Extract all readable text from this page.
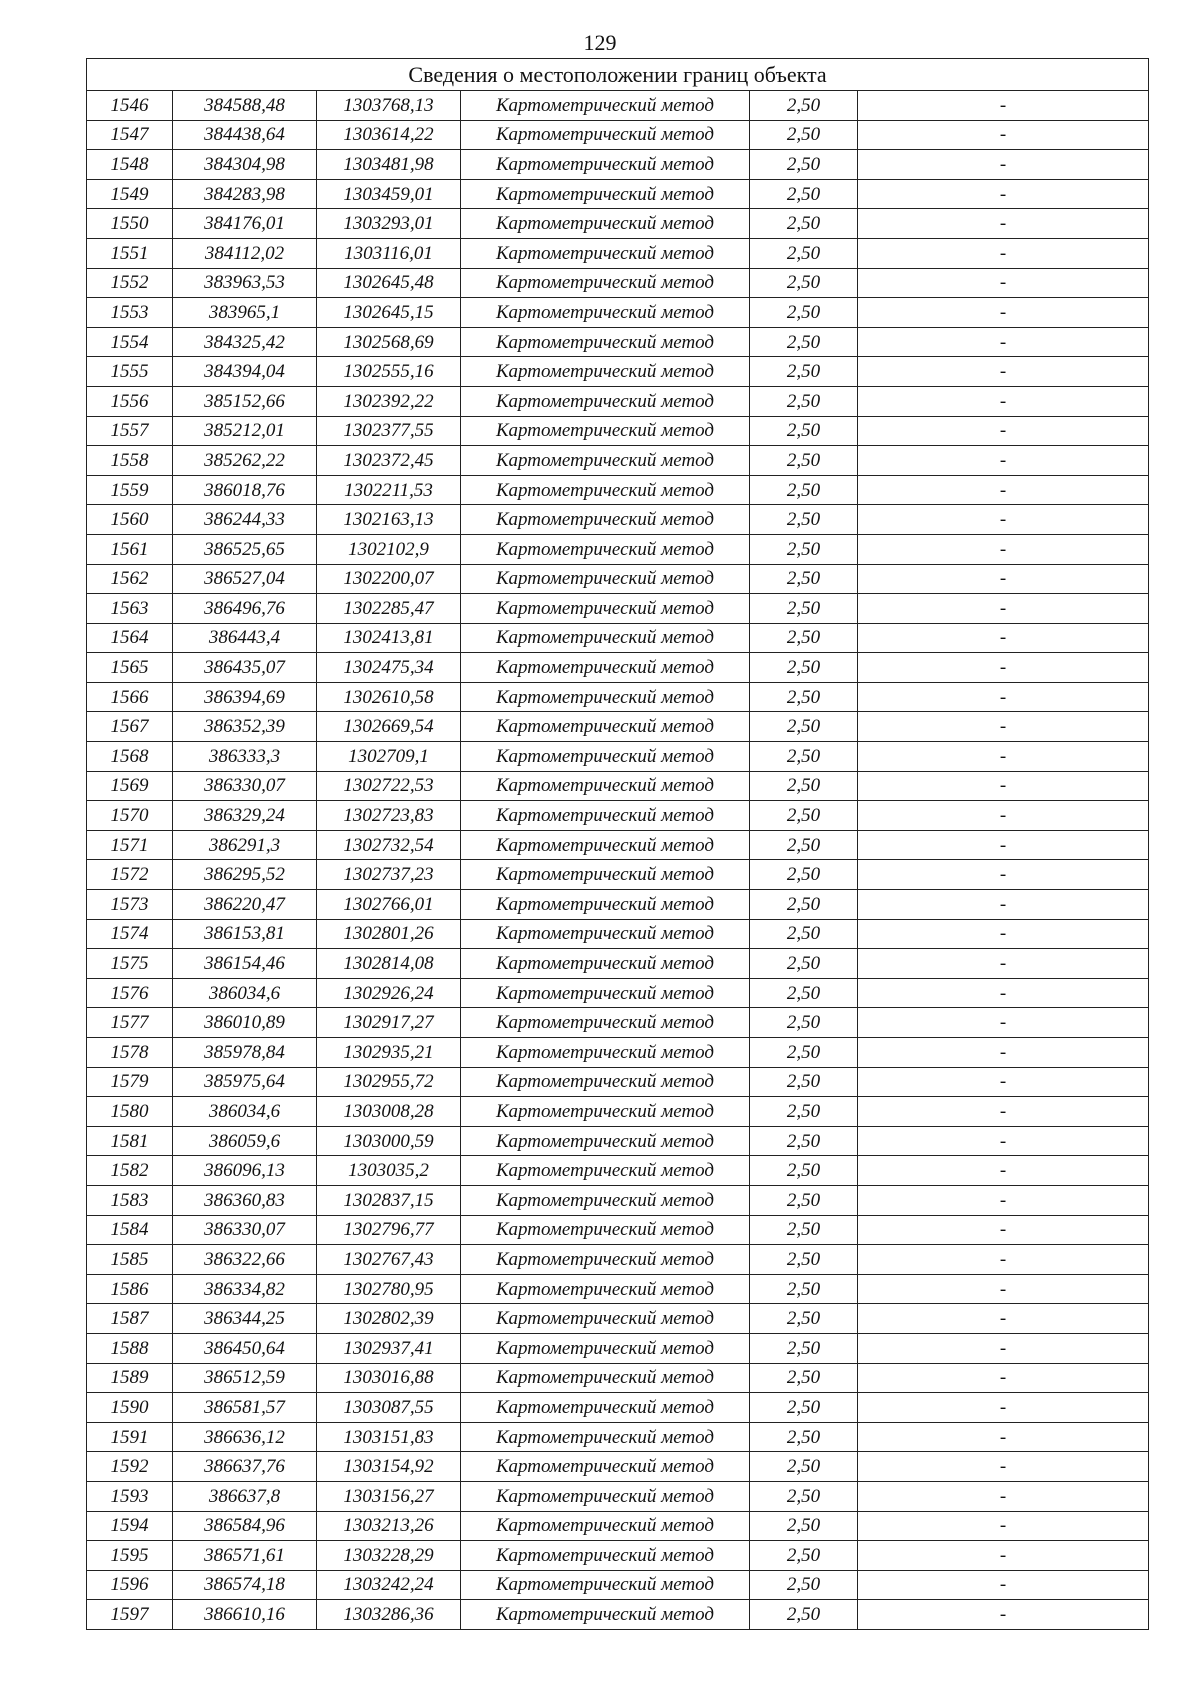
129
Сведения о местоположении границ объекта					
1546	384588,48	1303768,13	Картометрический метод	2,50	-
1547	384438,64	1303614,22	Картометрический метод	2,50	-
1548	384304,98	1303481,98	Картометрический метод	2,50	-
1549	384283,98	1303459,01	Картометрический метод	2,50	-
1550	384176,01	1303293,01	Картометрический метод	2,50	-
1551	384112,02	1303116,01	Картометрический метод	2,50	-
1552	383963,53	1302645,48	Картометрический метод	2,50	-
1553	383965,1	1302645,15	Картометрический метод	2,50	-
1554	384325,42	1302568,69	Картометрический метод	2,50	-
1555	384394,04	1302555,16	Картометрический метод	2,50	-
1556	385152,66	1302392,22	Картометрический метод	2,50	-
1557	385212,01	1302377,55	Картометрический метод	2,50	-
1558	385262,22	1302372,45	Картометрический метод	2,50	-
1559	386018,76	1302211,53	Картометрический метод	2,50	-
1560	386244,33	1302163,13	Картометрический метод	2,50	-
1561	386525,65	1302102,9	Картометрический метод	2,50	-
1562	386527,04	1302200,07	Картометрический метод	2,50	-
1563	386496,76	1302285,47	Картометрический метод	2,50	-
1564	386443,4	1302413,81	Картометрический метод	2,50	-
1565	386435,07	1302475,34	Картометрический метод	2,50	-
1566	386394,69	1302610,58	Картометрический метод	2,50	-
1567	386352,39	1302669,54	Картометрический метод	2,50	-
1568	386333,3	1302709,1	Картометрический метод	2,50	-
1569	386330,07	1302722,53	Картометрический метод	2,50	-
1570	386329,24	1302723,83	Картометрический метод	2,50	-
1571	386291,3	1302732,54	Картометрический метод	2,50	-
1572	386295,52	1302737,23	Картометрический метод	2,50	-
1573	386220,47	1302766,01	Картометрический метод	2,50	-
1574	386153,81	1302801,26	Картометрический метод	2,50	-
1575	386154,46	1302814,08	Картометрический метод	2,50	-
1576	386034,6	1302926,24	Картометрический метод	2,50	-
1577	386010,89	1302917,27	Картометрический метод	2,50	-
1578	385978,84	1302935,21	Картометрический метод	2,50	-
1579	385975,64	1302955,72	Картометрический метод	2,50	-
1580	386034,6	1303008,28	Картометрический метод	2,50	-
1581	386059,6	1303000,59	Картометрический метод	2,50	-
1582	386096,13	1303035,2	Картометрический метод	2,50	-
1583	386360,83	1302837,15	Картометрический метод	2,50	-
1584	386330,07	1302796,77	Картометрический метод	2,50	-
1585	386322,66	1302767,43	Картометрический метод	2,50	-
1586	386334,82	1302780,95	Картометрический метод	2,50	-
1587	386344,25	1302802,39	Картометрический метод	2,50	-
1588	386450,64	1302937,41	Картометрический метод	2,50	-
1589	386512,59	1303016,88	Картометрический метод	2,50	-
1590	386581,57	1303087,55	Картометрический метод	2,50	-
1591	386636,12	1303151,83	Картометрический метод	2,50	-
1592	386637,76	1303154,92	Картометрический метод	2,50	-
1593	386637,8	1303156,27	Картометрический метод	2,50	-
1594	386584,96	1303213,26	Картометрический метод	2,50	-
1595	386571,61	1303228,29	Картометрический метод	2,50	-
1596	386574,18	1303242,24	Картометрический метод	2,50	-
1597	386610,16	1303286,36	Картометрический метод	2,50	-
